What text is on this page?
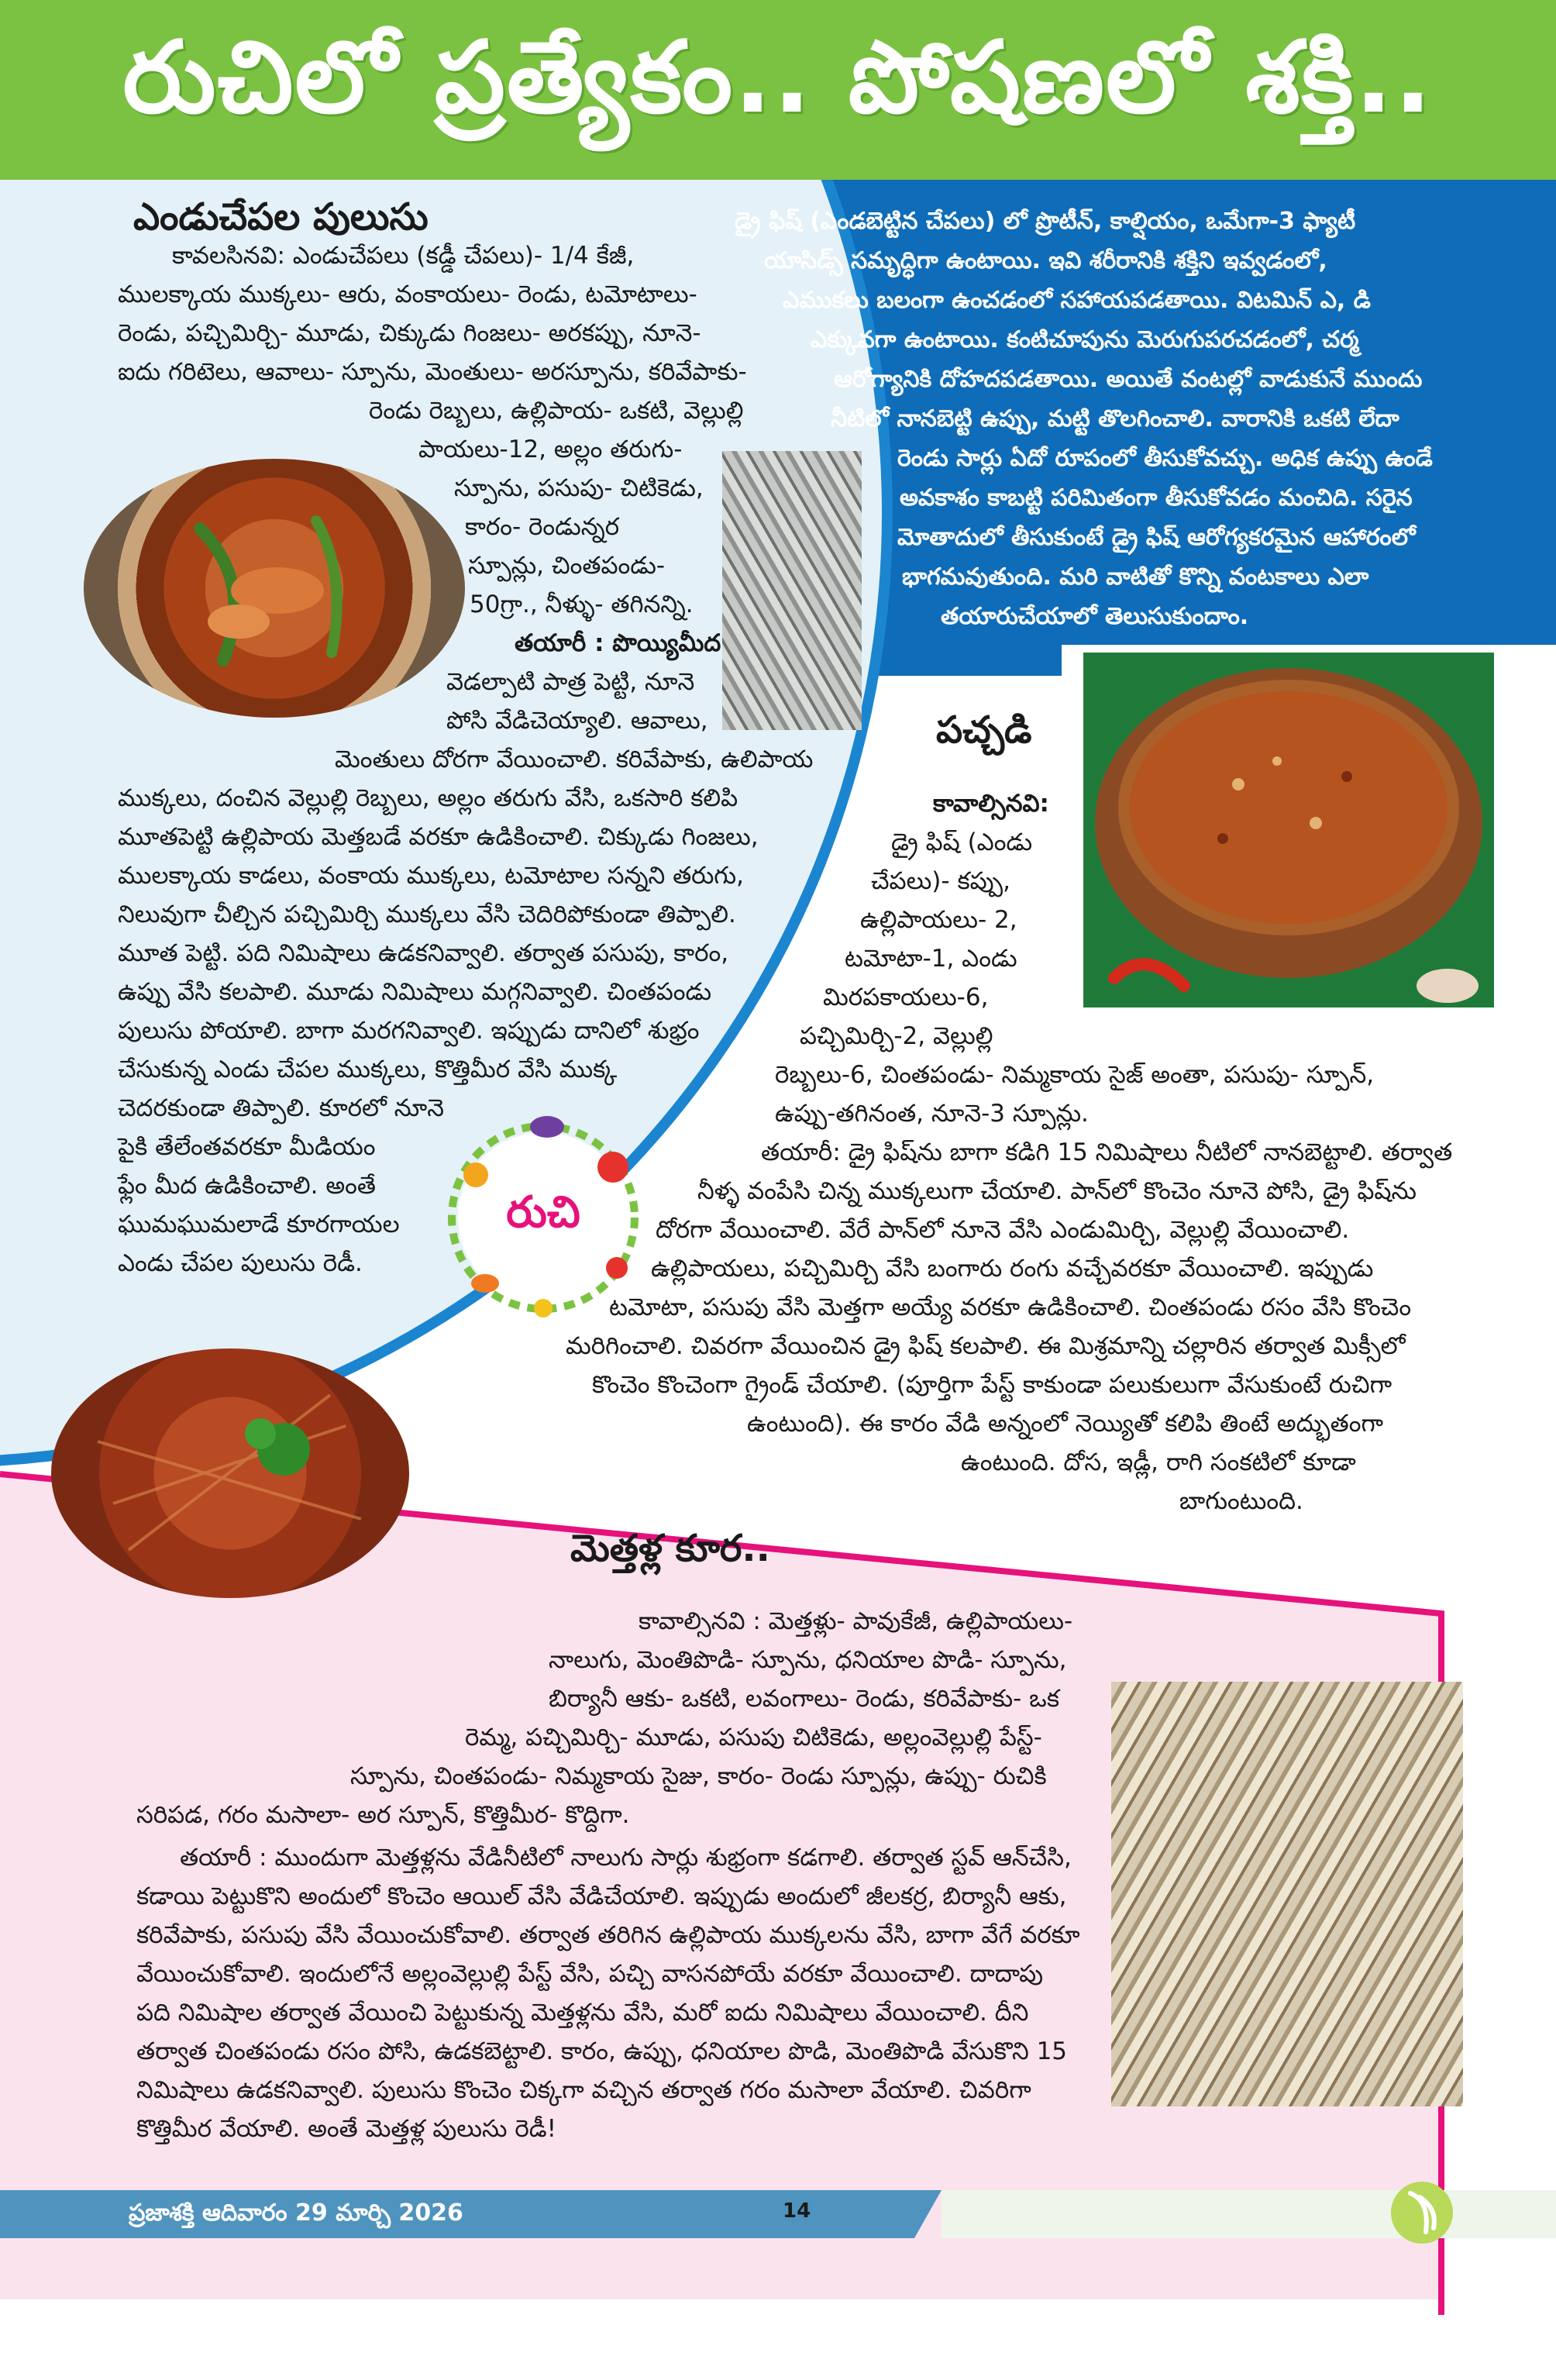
రుచిలో ప్రత్యేకం.. పోషణలో శక్తి..
డ్రై ఫిష్ (ఎండబెట్టిన చేపలు) లో ప్రొటీన్, కాల్షియం, ఒమేగా-3 ఫ్యాటీ
యాసిడ్స్ సమృద్ధిగా ఉంటాయి. ఇవి శరీరానికి శక్తిని ఇవ్వడంలో,
ఎముకలు బలంగా ఉంచడంలో సహాయపడతాయి. విటమిన్ ఎ, డి
ఎక్కువగా ఉంటాయి. కంటిచూపును మెరుగుపరచడంలో, చర్మ
ఆరోగ్యానికి దోహదపడతాయి. అయితే వంటల్లో వాడుకునే ముందు
నీటిలో నానబెట్టి ఉప్పు, మట్టి తొలగించాలి. వారానికి ఒకటి లేదా
రెండు సార్లు ఏదో రూపంలో తీసుకోవచ్చు. అధిక ఉప్పు ఉండే
అవకాశం కాబట్టి పరిమితంగా తీసుకోవడం మంచిది. సరైన
మోతాదులో తీసుకుంటే డ్రై ఫిష్ ఆరోగ్యకరమైన ఆహారంలో
భాగమవుతుంది. మరి వాటితో కొన్ని వంటకాలు ఎలా
తయారుచేయాలో తెలుసుకుందాం.
ఎండుచేపల పులుసు
కావలసినవి: ఎండుచేపలు (కడ్డీ చేపలు)- 1/4 కేజీ,
ములక్కాయ ముక్కలు- ఆరు, వంకాయలు- రెండు, టమోటాలు-
రెండు, పచ్చిమిర్చి- మూడు, చిక్కుడు గింజలు- అరకప్పు, నూనె-
ఐదు గరిటెలు, ఆవాలు- స్పూను, మెంతులు- అరస్పూను, కరివేపాకు-
రెండు రెబ్బలు, ఉల్లిపాయ- ఒకటి, వెల్లుల్లి
పాయలు-12, అల్లం తరుగు-
స్పూను, పసుపు- చిటికెడు,
కారం- రెండున్నర
స్పూన్లు, చింతపండు-
50గ్రా., నీళ్ళు- తగినన్ని.
తయారీ : పొయ్యిమీద
వెడల్పాటి పాత్ర పెట్టి, నూనె
పోసి వేడిచెయ్యాలి. ఆవాలు,
మెంతులు దోరగా వేయించాలి. కరివేపాకు, ఉలిపాయ
ముక్కలు, దంచిన వెల్లుల్లి రెబ్బలు, అల్లం తరుగు వేసి, ఒకసారి కలిపి
మూతపెట్టి ఉల్లిపాయ మెత్తబడే వరకూ ఉడికించాలి. చిక్కుడు గింజలు,
ములక్కాయ కాడలు, వంకాయ ముక్కలు, టమోటాల సన్నని తరుగు,
నిలువుగా చీల్చిన పచ్చిమిర్చి ముక్కలు వేసి చెదిరిపోకుండా తిప్పాలి.
మూత పెట్టి. పది నిమిషాలు ఉడకనివ్వాలి. తర్వాత పసుపు, కారం,
ఉప్పు వేసి కలపాలి. మూడు నిమిషాలు మగ్గనివ్వాలి. చింతపండు
పులుసు పోయాలి. బాగా మరగనివ్వాలి. ఇప్పుడు దానిలో శుభ్రం
చేసుకున్న ఎండు చేపల ముక్కలు, కొత్తిమీర వేసి ముక్క
చెదరకుండా తిప్పాలి. కూరలో నూనె
పైకి తేలేంతవరకూ మీడియం
ఫ్లేం మీద ఉడికించాలి. అంతే
ఘుమఘుమలాడే కూరగాయల
ఎండు చేపల పులుసు రెడీ.
రుచి
పచ్చడి
కావాల్సినవి:
డ్రై ఫిష్ (ఎండు
చేపలు)- కప్పు,
ఉల్లిపాయలు- 2,
టమోటా-1, ఎండు
మిరపకాయలు-6,
పచ్చిమిర్చి-2, వెల్లుల్లి
రెబ్బలు-6, చింతపండు- నిమ్మకాయ సైజ్ అంతా, పసుపు- స్పూన్,
ఉప్పు-తగినంత, నూనె-3 స్పూన్లు.
తయారీ: డ్రై ఫిష్‌ను బాగా కడిగి 15 నిమిషాలు నీటిలో నానబెట్టాలి. తర్వాత
నీళ్ళ వంపేసి చిన్న ముక్కలుగా చేయాలి. పాన్‌లో కొంచెం నూనె పోసి, డ్రై ఫిష్‌ను
దోరగా వేయించాలి. వేరే పాన్‌లో నూనె వేసి ఎండుమిర్చి, వెల్లుల్లి వేయించాలి.
ఉల్లిపాయలు, పచ్చిమిర్చి వేసి బంగారు రంగు వచ్చేవరకూ వేయించాలి. ఇప్పుడు
టమోటా, పసుపు వేసి మెత్తగా అయ్యే వరకూ ఉడికించాలి. చింతపండు రసం వేసి కొంచెం
మరిగించాలి. చివరగా వేయించిన డ్రై ఫిష్ కలపాలి. ఈ మిశ్రమాన్ని చల్లారిన తర్వాత మిక్సీలో
కొంచెం కొంచెంగా గ్రైండ్ చేయాలి. (పూర్తిగా పేస్ట్ కాకుండా పలుకులుగా వేసుకుంటే రుచిగా
ఉంటుంది). ఈ కారం వేడి అన్నంలో నెయ్యితో కలిపి తింటే అద్భుతంగా
ఉంటుంది. దోస, ఇడ్లీ, రాగి సంకటిలో కూడా
బాగుంటుంది.
మెత్తళ్ల కూర..
కావాల్సినవి : మెత్తళ్లు- పావుకేజీ, ఉల్లిపాయలు-
నాలుగు, మెంతిపొడి- స్పూను, ధనియాల పొడి- స్పూను,
బిర్యానీ ఆకు- ఒకటి, లవంగాలు- రెండు, కరివేపాకు- ఒక
రెమ్మ, పచ్చిమిర్చి- మూడు, పసుపు చిటికెడు, అల్లంవెల్లుల్లి పేస్ట్-
స్పూను, చింతపండు- నిమ్మకాయ సైజు, కారం- రెండు స్పూన్లు, ఉప్పు- రుచికి
సరిపడ, గరం మసాలా- అర స్పూన్, కొత్తిమీర- కొద్దిగా.
తయారీ : ముందుగా మెత్తళ్లను వేడినీటిలో నాలుగు సార్లు శుభ్రంగా కడగాలి. తర్వాత స్టవ్ ఆన్‌చేసి,
కడాయి పెట్టుకొని అందులో కొంచెం ఆయిల్ వేసి వేడిచేయాలి. ఇప్పుడు అందులో జీలకర్ర, బిర్యానీ ఆకు,
కరివేపాకు, పసుపు వేసి వేయించుకోవాలి. తర్వాత తరిగిన ఉల్లిపాయ ముక్కలను వేసి, బాగా వేగే వరకూ
వేయించుకోవాలి. ఇందులోనే అల్లంవెల్లుల్లి పేస్ట్ వేసి, పచ్చి వాసనపోయే వరకూ వేయించాలి. దాదాపు
పది నిమిషాల తర్వాత వేయించి పెట్టుకున్న మెత్తళ్లను వేసి, మరో ఐదు నిమిషాలు వేయించాలి. దీని
తర్వాత చింతపండు రసం పోసి, ఉడకబెట్టాలి. కారం, ఉప్పు, ధనియాల పొడి, మెంతిపొడి వేసుకొని 15
నిమిషాలు ఉడకనివ్వాలి. పులుసు కొంచెం చిక్కగా వచ్చిన తర్వాత గరం మసాలా వేయాలి. చివరిగా
కొత్తిమీర వేయాలి. అంతే మెత్తళ్ల పులుసు రెడీ!
ప్రజాశక్తి ఆదివారం 29 మార్చి 2026	14
